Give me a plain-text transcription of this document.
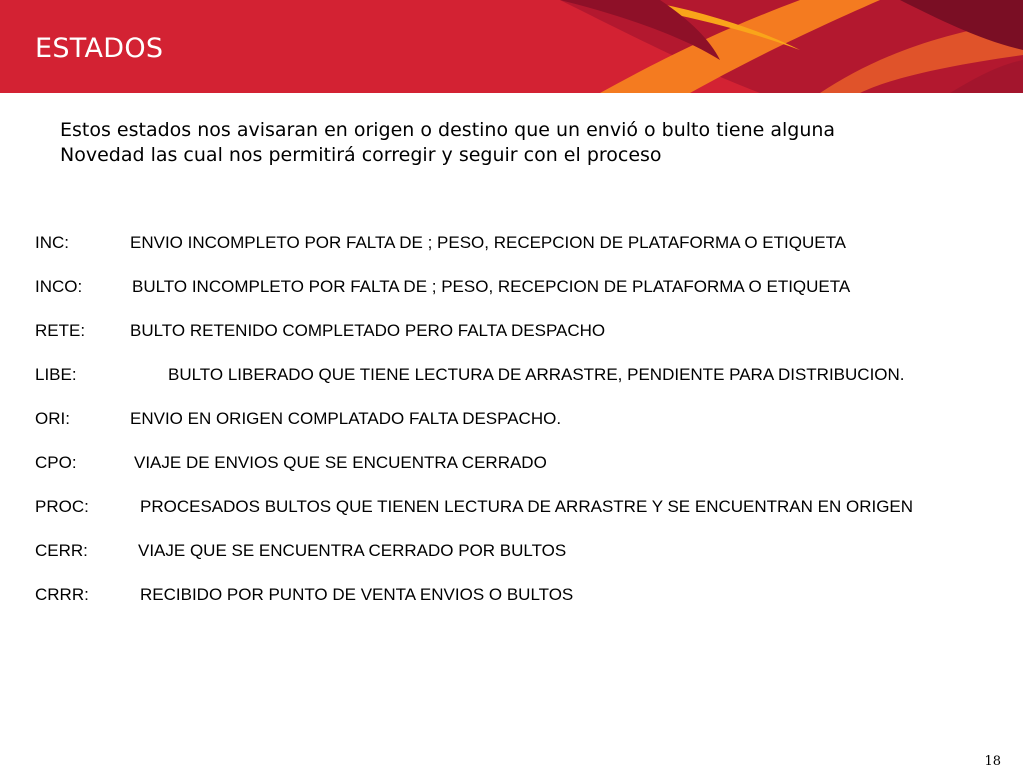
ESTADOS

Estos estados nos avisaran en origen o destino que un envió o bulto tiene alguna
Novedad las cual nos permitirá corregir y seguir con el proceso

INC:	ENVIO INCOMPLETO POR FALTA DE ; PESO, RECEPCION DE PLATAFORMA O ETIQUETA

INCO:	BULTO INCOMPLETO POR FALTA DE ; PESO, RECEPCION DE PLATAFORMA O ETIQUETA

RETE:	BULTO RETENIDO COMPLETADO PERO FALTA DESPACHO

LIBE:	BULTO LIBERADO QUE TIENE LECTURA DE ARRASTRE, PENDIENTE PARA DISTRIBUCION.

ORI:	ENVIO EN ORIGEN COMPLATADO FALTA DESPACHO.

CPO:	VIAJE DE ENVIOS QUE SE ENCUENTRA CERRADO

PROC:	PROCESADOS BULTOS QUE TIENEN LECTURA DE ARRASTRE Y SE ENCUENTRAN EN ORIGEN

CERR:	VIAJE QUE SE ENCUENTRA CERRADO POR BULTOS

CRRR:	RECIBIDO POR PUNTO DE VENTA ENVIOS O BULTOS

18
